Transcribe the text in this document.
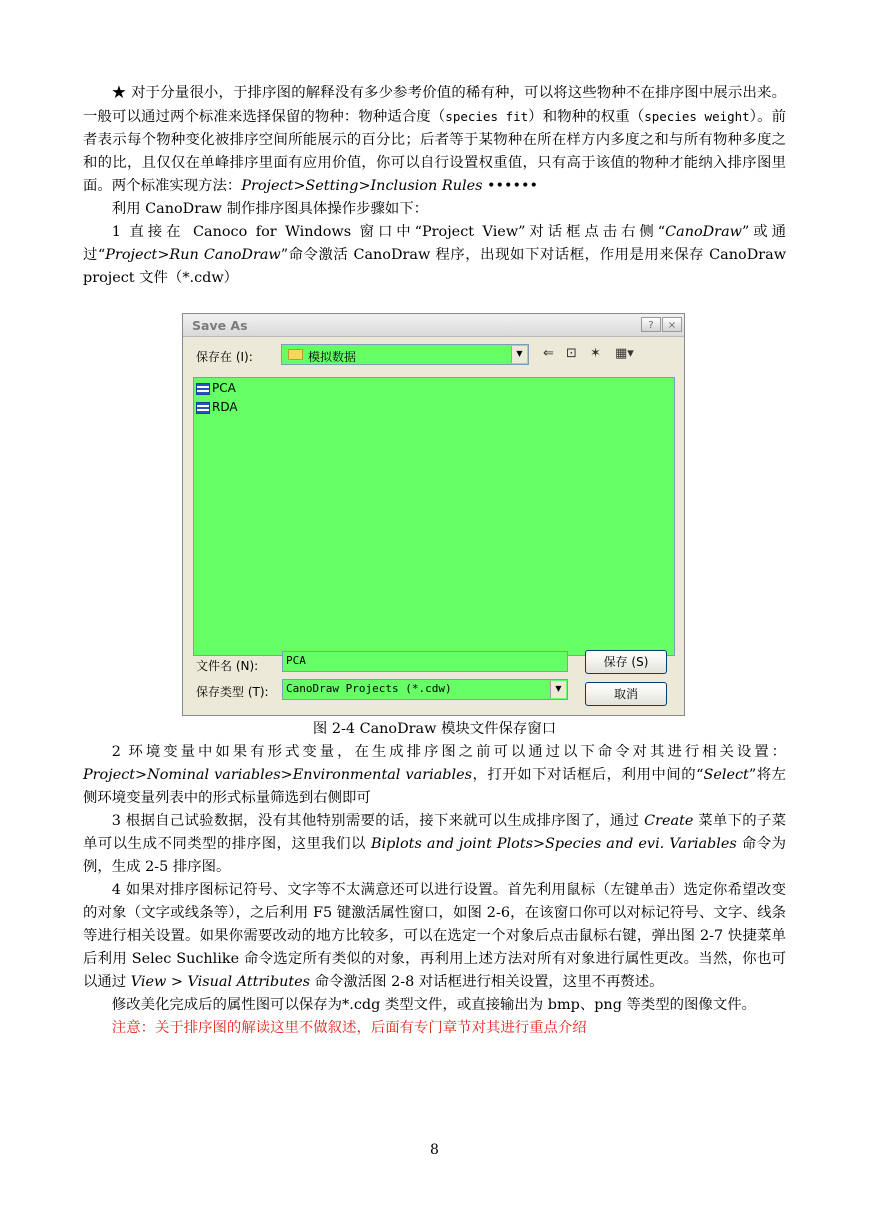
★ 对于分量很小，于排序图的解释没有多少参考价值的稀有种，可以将这些物种不在排序图中展示出来。一般可以通过两个标准来选择保留的物种：物种适合度（species fit）和物种的权重（species weight）。前者表示每个物种变化被排序空间所能展示的百分比；后者等于某物种在所在样方内多度之和与所有物种多度之和的比，且仅仅在单峰排序里面有应用价值，你可以自行设置权重值，只有高于该值的物种才能纳入排序图里面。两个标准实现方法：Project>Setting>Inclusion Rules ••••••

利用 CanoDraw 制作排序图具体操作步骤如下：

1 直接在 Canoco for Windows 窗口中“Project View”对话框点击右侧“CanoDraw”或通过“Project>Run CanoDraw”命令激活 CanoDraw 程序，出现如下对话框，作用是用来保存 CanoDraw project 文件（*.cdw）

Save As	?	×
保存在 (I):	模拟数据	▼	⇐ ⊡ ✶ ▦▾
PCA
RDA
文件名 (N):	PCA
保存类型 (T): CanoDraw Projects (*.cdw)	▼
保存 (S)
取消
图 2-4 CanoDraw 模块文件保存窗口

2 环境变量中如果有形式变量，在生成排序图之前可以通过以下命令对其进行相关设置：Project>Nominal variables>Environmental variables，打开如下对话框后，利用中间的“Select”将左侧环境变量列表中的形式标量筛选到右侧即可

3 根据自己试验数据，没有其他特别需要的话，接下来就可以生成排序图了，通过 Create 菜单下的子菜单可以生成不同类型的排序图，这里我们以 Biplots and joint Plots>Species and evi. Variables 命令为例，生成 2-5 排序图。

4 如果对排序图标记符号、文字等不太满意还可以进行设置。首先利用鼠标（左键单击）选定你希望改变的对象（文字或线条等），之后利用 F5 键激活属性窗口，如图 2-6，在该窗口你可以对标记符号、文字、线条等进行相关设置。如果你需要改动的地方比较多，可以在选定一个对象后点击鼠标右键，弹出图 2-7 快捷菜单后利用 Selec Suchlike 命令选定所有类似的对象，再利用上述方法对所有对象进行属性更改。当然，你也可以通过 View > Visual Attributes 命令激活图 2-8 对话框进行相关设置，这里不再赘述。

修改美化完成后的属性图可以保存为*.cdg 类型文件，或直接输出为 bmp、png 等类型的图像文件。

注意：关于排序图的解读这里不做叙述，后面有专门章节对其进行重点介绍

8
